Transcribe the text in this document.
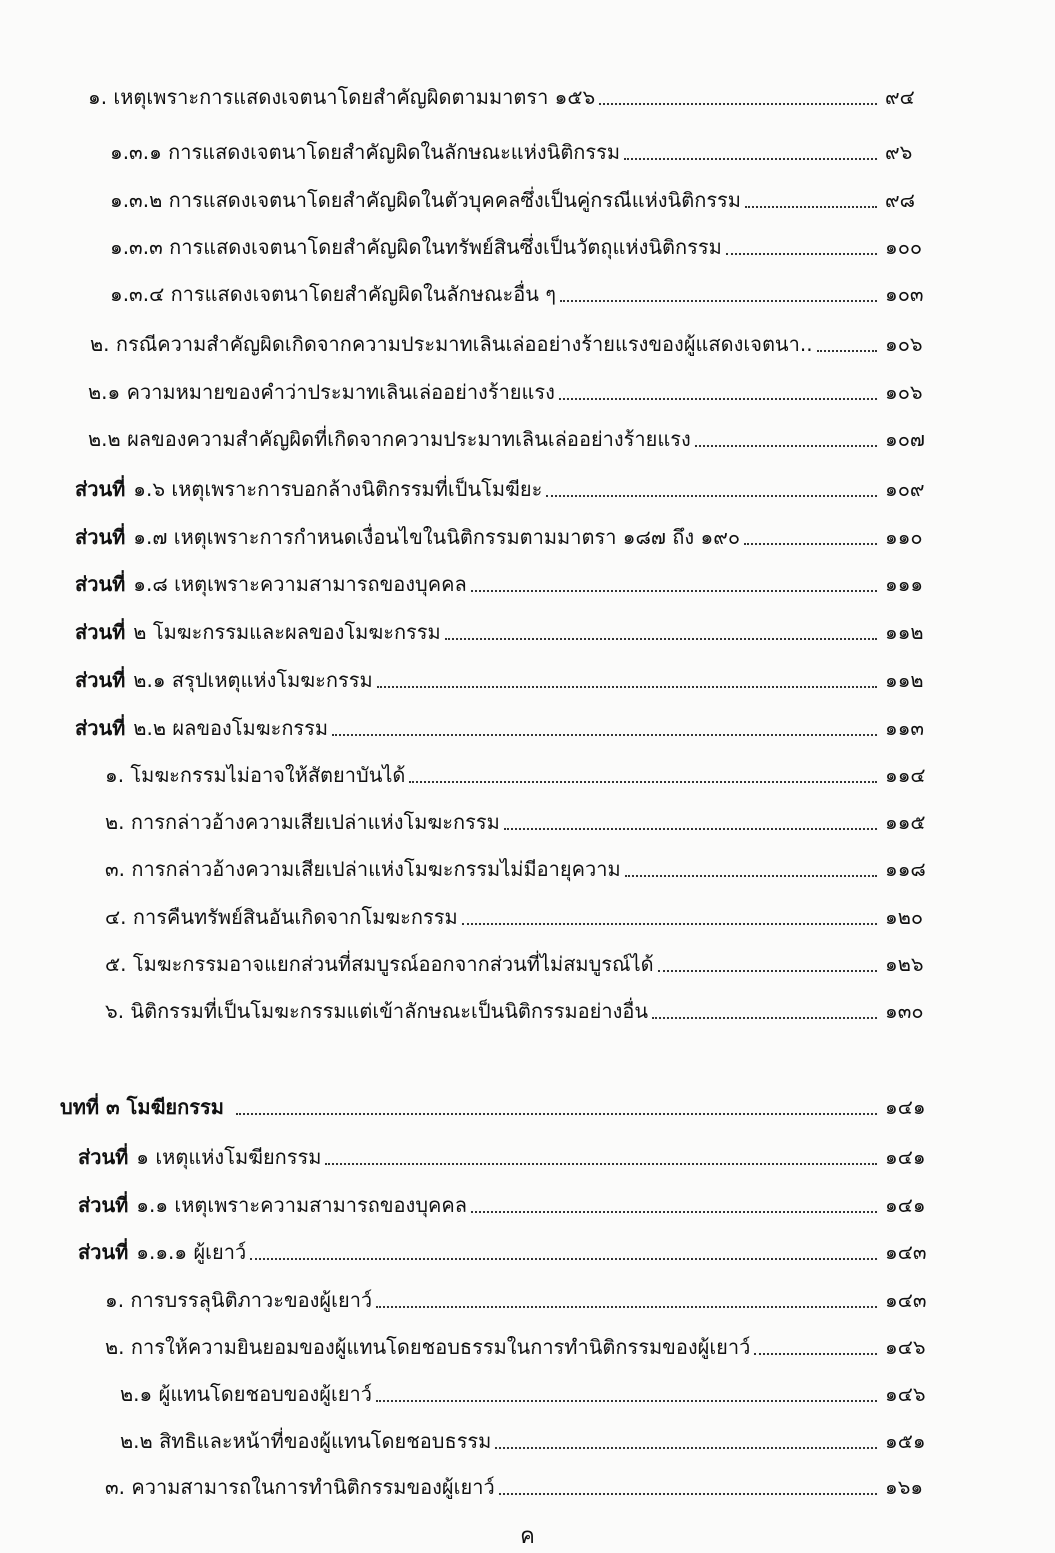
๑. เหตุเพราะการแสดงเจตนาโดยสำคัญผิดตามมาตรา ๑๕๖	๙๔
๑.๓.๑ การแสดงเจตนาโดยสำคัญผิดในลักษณะแห่งนิติกรรม	๙๖
๑.๓.๒ การแสดงเจตนาโดยสำคัญผิดในตัวบุคคลซึ่งเป็นคู่กรณีแห่งนิติกรรม	๙๘
๑.๓.๓ การแสดงเจตนาโดยสำคัญผิดในทรัพย์สินซึ่งเป็นวัตถุแห่งนิติกรรม	๑๐๐
๑.๓.๔ การแสดงเจตนาโดยสำคัญผิดในลักษณะอื่น ๆ	๑๐๓
๒. กรณีความสำคัญผิดเกิดจากความประมาทเลินเล่ออย่างร้ายแรงของผู้แสดงเจตนา..	๑๐๖
๒.๑ ความหมายของคำว่าประมาทเลินเล่ออย่างร้ายแรง	๑๐๖
๒.๒ ผลของความสำคัญผิดที่เกิดจากความประมาทเลินเล่ออย่างร้ายแรง	๑๐๗
ส่วนที่ ๑.๖ เหตุเพราะการบอกล้างนิติกรรมที่เป็นโมฆียะ	๑๐๙
ส่วนที่ ๑.๗ เหตุเพราะการกำหนดเงื่อนไขในนิติกรรมตามมาตรา ๑๘๗ ถึง ๑๙๐	๑๑๐
ส่วนที่ ๑.๘ เหตุเพราะความสามารถของบุคคล	๑๑๑
ส่วนที่ ๒ โมฆะกรรมและผลของโมฆะกรรม	๑๑๒
ส่วนที่ ๒.๑ สรุปเหตุแห่งโมฆะกรรม	๑๑๒
ส่วนที่ ๒.๒ ผลของโมฆะกรรม	๑๑๓
๑. โมฆะกรรมไม่อาจให้สัตยาบันได้	๑๑๔
๒. การกล่าวอ้างความเสียเปล่าแห่งโมฆะกรรม	๑๑๕
๓. การกล่าวอ้างความเสียเปล่าแห่งโมฆะกรรมไม่มีอายุความ	๑๑๘
๔. การคืนทรัพย์สินอันเกิดจากโมฆะกรรม	๑๒๐
๕. โมฆะกรรมอาจแยกส่วนที่สมบูรณ์ออกจากส่วนที่ไม่สมบูรณ์ได้	๑๒๖
๖. นิติกรรมที่เป็นโมฆะกรรมแต่เข้าลักษณะเป็นนิติกรรมอย่างอื่น	๑๓๐
บทที่ ๓ โมฆียกรรม	๑๔๑
ส่วนที่ ๑ เหตุแห่งโมฆียกรรม	๑๔๑
ส่วนที่ ๑.๑ เหตุเพราะความสามารถของบุคคล	๑๔๑
ส่วนที่ ๑.๑.๑ ผู้เยาว์	๑๔๓
๑. การบรรลุนิติภาวะของผู้เยาว์	๑๔๓
๒. การให้ความยินยอมของผู้แทนโดยชอบธรรมในการทำนิติกรรมของผู้เยาว์	๑๔๖
๒.๑ ผู้แทนโดยชอบของผู้เยาว์	๑๔๖
๒.๒ สิทธิและหน้าที่ของผู้แทนโดยชอบธรรม	๑๕๑
๓. ความสามารถในการทำนิติกรรมของผู้เยาว์	๑๖๑
ค
